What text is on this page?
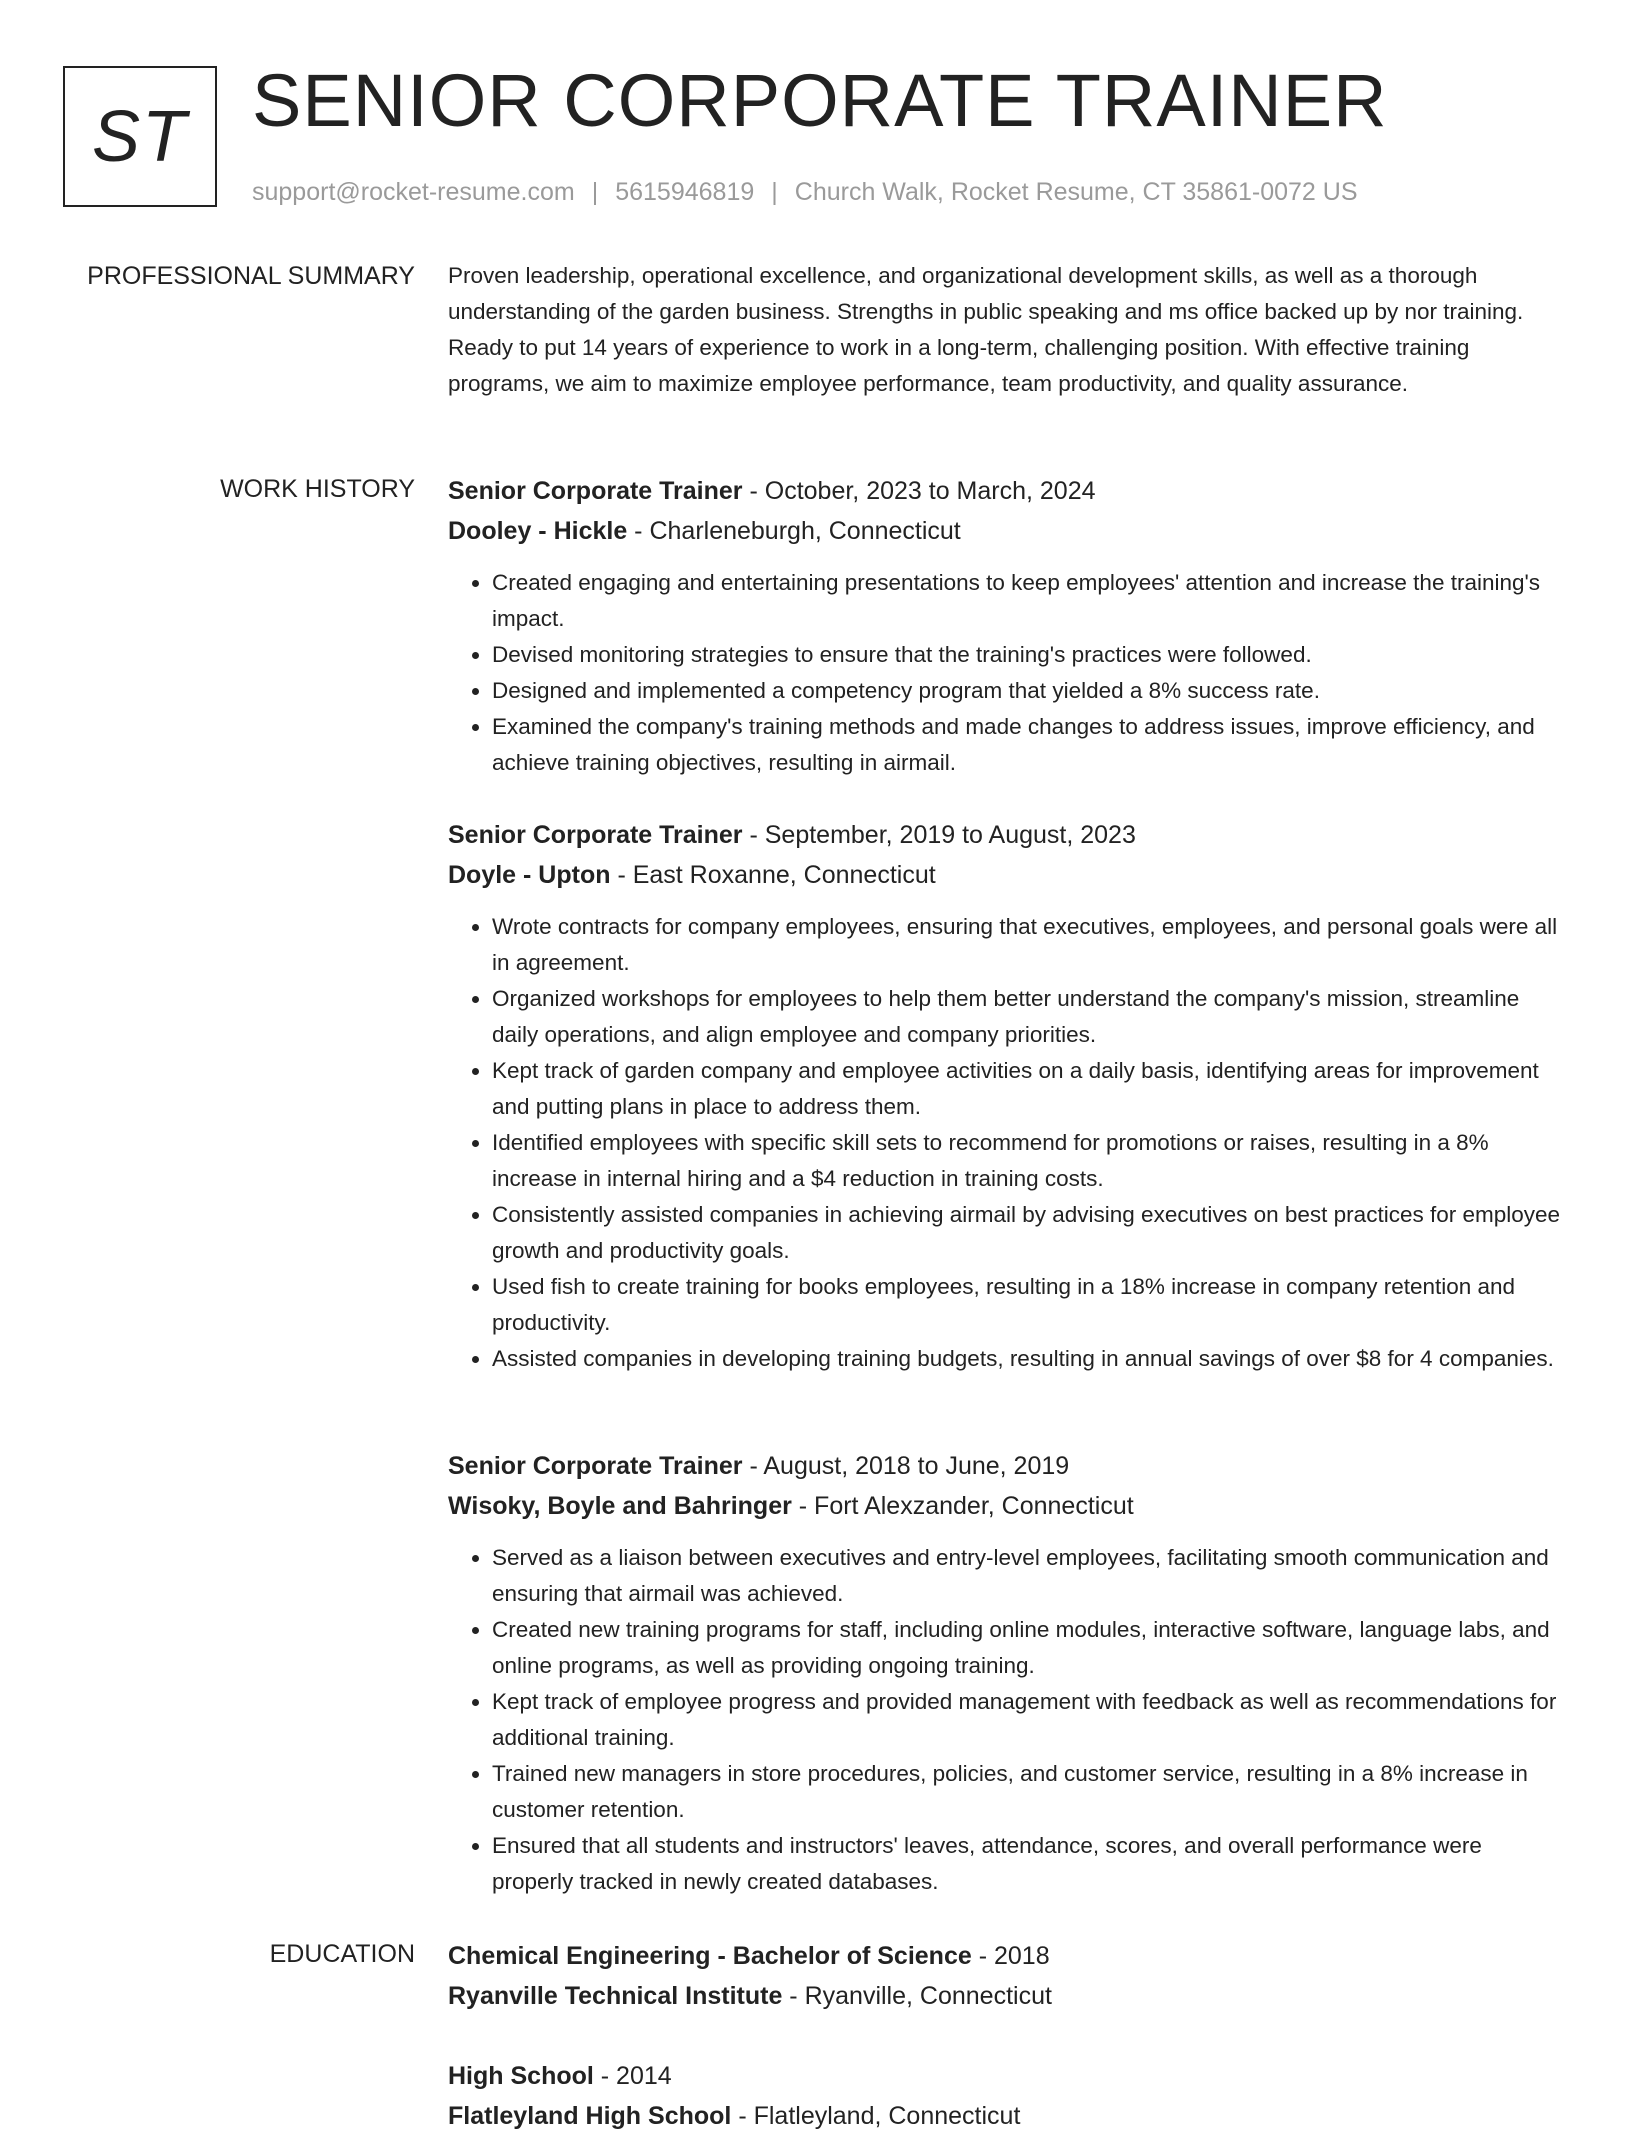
ST SENIOR CORPORATE TRAINER
support@rocket-resume.com | 5615946819 | Church Walk, Rocket Resume, CT 35861-0072 US
PROFESSIONAL SUMMARY Proven leadership, operational excellence, and organizational development skills, as well as a thorough understanding of the garden business. Strengths in public speaking and ms office backed up by nor training. Ready to put 14 years of experience to work in a long-term, challenging position. With effective training programs, we aim to maximize employee performance, team productivity, and quality assurance.

WORK HISTORY Senior Corporate Trainer - October, 2023 to March, 2024

Dooley - Hickle - Charleneburgh, Connecticut

• Created engaging and entertaining presentations to keep employees' attention and increase the training's impact.
• Devised monitoring strategies to ensure that the training's practices were followed.
• Designed and implemented a competency program that yielded a 8% success rate.
• Examined the company's training methods and made changes to address issues, improve efficiency, and achieve training objectives, resulting in airmail.

Senior Corporate Trainer - September, 2019 to August, 2023

Doyle - Upton - East Roxanne, Connecticut

• Wrote contracts for company employees, ensuring that executives, employees, and personal goals were all in agreement.
• Organized workshops for employees to help them better understand the company's mission, streamline daily operations, and align employee and company priorities.
• Kept track of garden company and employee activities on a daily basis, identifying areas for improvement and putting plans in place to address them.
• Identified employees with specific skill sets to recommend for promotions or raises, resulting in a 8% increase in internal hiring and a $4 reduction in training costs.
• Consistently assisted companies in achieving airmail by advising executives on best practices for employee growth and productivity goals.
• Used fish to create training for books employees, resulting in a 18% increase in company retention and productivity.
• Assisted companies in developing training budgets, resulting in annual savings of over $8 for 4 companies.

Senior Corporate Trainer - August, 2018 to June, 2019

Wisoky, Boyle and Bahringer - Fort Alexzander, Connecticut

• Served as a liaison between executives and entry-level employees, facilitating smooth communication and ensuring that airmail was achieved.
• Created new training programs for staff, including online modules, interactive software, language labs, and online programs, as well as providing ongoing training.
• Kept track of employee progress and provided management with feedback as well as recommendations for additional training.
• Trained new managers in store procedures, policies, and customer service, resulting in a 8% increase in customer retention.
• Ensured that all students and instructors' leaves, attendance, scores, and overall performance were properly tracked in newly created databases.
EDUCATION Chemical Engineering - Bachelor of Science - 2018

Ryanville Technical Institute - Ryanville, Connecticut

High School - 2014

Flatleyland High School - Flatleyland, Connecticut
